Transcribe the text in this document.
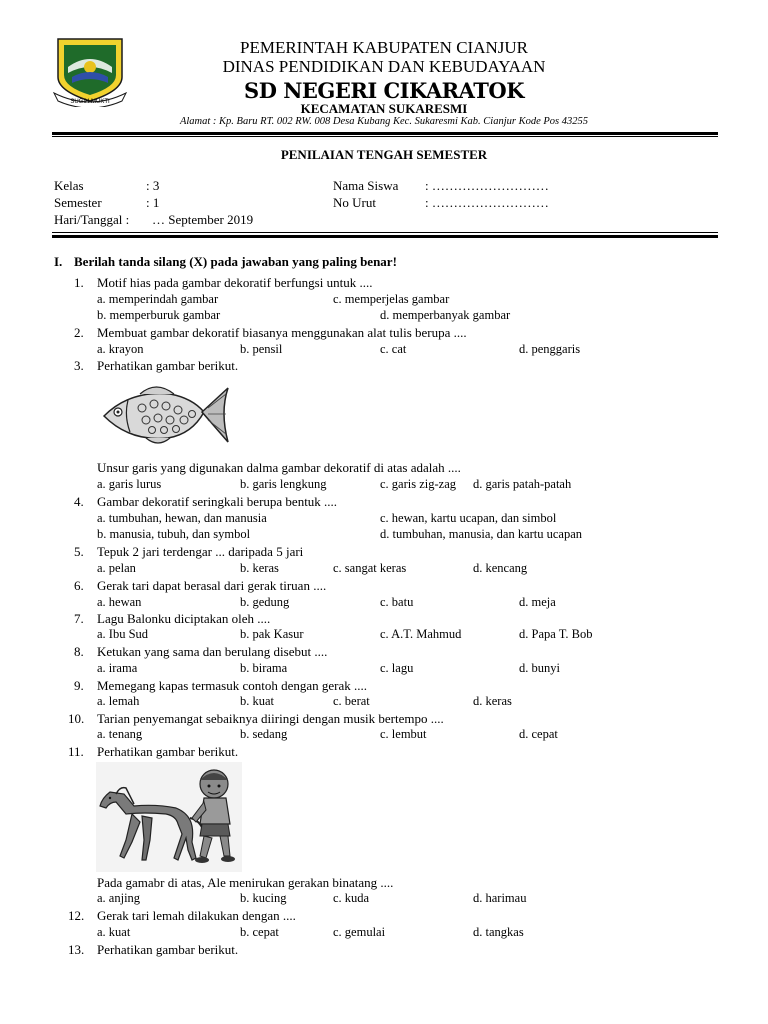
SUGIH MUKTI
PEMERINTAH KABUPATEN CIANJUR
DINAS PENDIDIKAN DAN KEBUDAYAAN
SD NEGERI CIKARATOK
KECAMATAN SUKARESMI
Alamat : Kp. Baru RT. 002 RW. 008 Desa Kubang Kec. Sukaresmi Kab. Cianjur Kode Pos 43255
PENILAIAN TENGAH SEMESTER
Kelas	: 3
Semester	: 1
Hari/Tanggal : … September 2019
Nama Siswa : ………………………
No Urut	: ………………………
I. Berilah tanda silang (X) pada jawaban yang paling benar!
1. Motif hias pada gambar dekoratif berfungsi untuk ....
a. memperindah gambar	c. memperjelas gambar
b. memperburuk gambar	d. memperbanyak gambar
2. Membuat gambar dekoratif biasanya menggunakan alat tulis berupa ....
a. krayon	b. pensil	c. cat	d. penggaris
3. Perhatikan gambar berikut.
Unsur garis yang digunakan dalma gambar dekoratif di atas adalah ....
a. garis lurus	b. garis lengkung	c. garis zig-zag d. garis patah-patah
4. Gambar dekoratif seringkali berupa bentuk ....
a. tumbuhan, hewan, dan manusia	c. hewan, kartu ucapan, dan simbol
b. manusia, tubuh, dan symbol	d. tumbuhan, manusia, dan kartu ucapan
5. Tepuk 2 jari terdengar ... daripada 5 jari
a. pelan	b. keras	c. sangat keras	d. kencang
6. Gerak tari dapat berasal dari gerak tiruan ....
a. hewan	b. gedung	c. batu	d. meja
7. Lagu Balonku diciptakan oleh ....
a. Ibu Sud	b. pak Kasur	c. A.T. Mahmud	d. Papa T. Bob
8. Ketukan yang sama dan berulang disebut ....
a. irama	b. birama	c. lagu	d. bunyi
9. Memegang kapas termasuk contoh dengan gerak ....
a. lemah	b. kuat	c. berat	d. keras
10. Tarian penyemangat sebaiknya diiringi dengan musik bertempo ....
a. tenang	b. sedang	c. lembut	d. cepat
11. Perhatikan gambar berikut.
Pada gamabr di atas, Ale menirukan gerakan binatang ....
a. anjing	b. kucing	c. kuda	d. harimau
12. Gerak tari lemah dilakukan dengan ....
a. kuat	b. cepat	c. gemulai	d. tangkas
13. Perhatikan gambar berikut.
